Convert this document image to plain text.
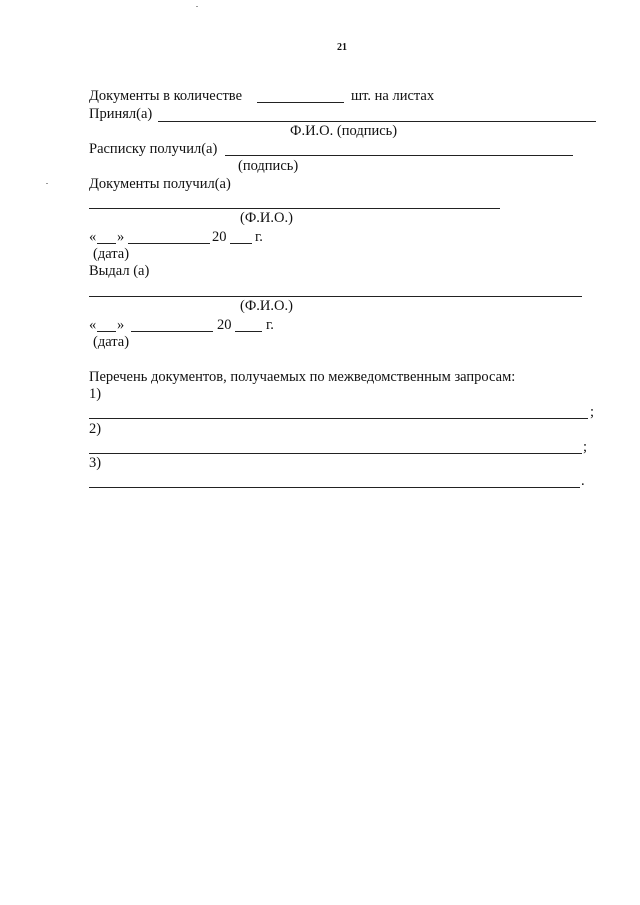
21
Документы в количестве	шт. на листах
Принял(а)
Ф.И.О. (подпись)
Расписку получил(а)
(подпись)
Документы получил(а)
(Ф.И.О.)
« »	20 г.
(дата)
Выдал (а)
(Ф.И.О.)
« »	20 г.
(дата)
Перечень документов, получаемых по межведомственным запросам:
1)
;
2)
;
3)
.
